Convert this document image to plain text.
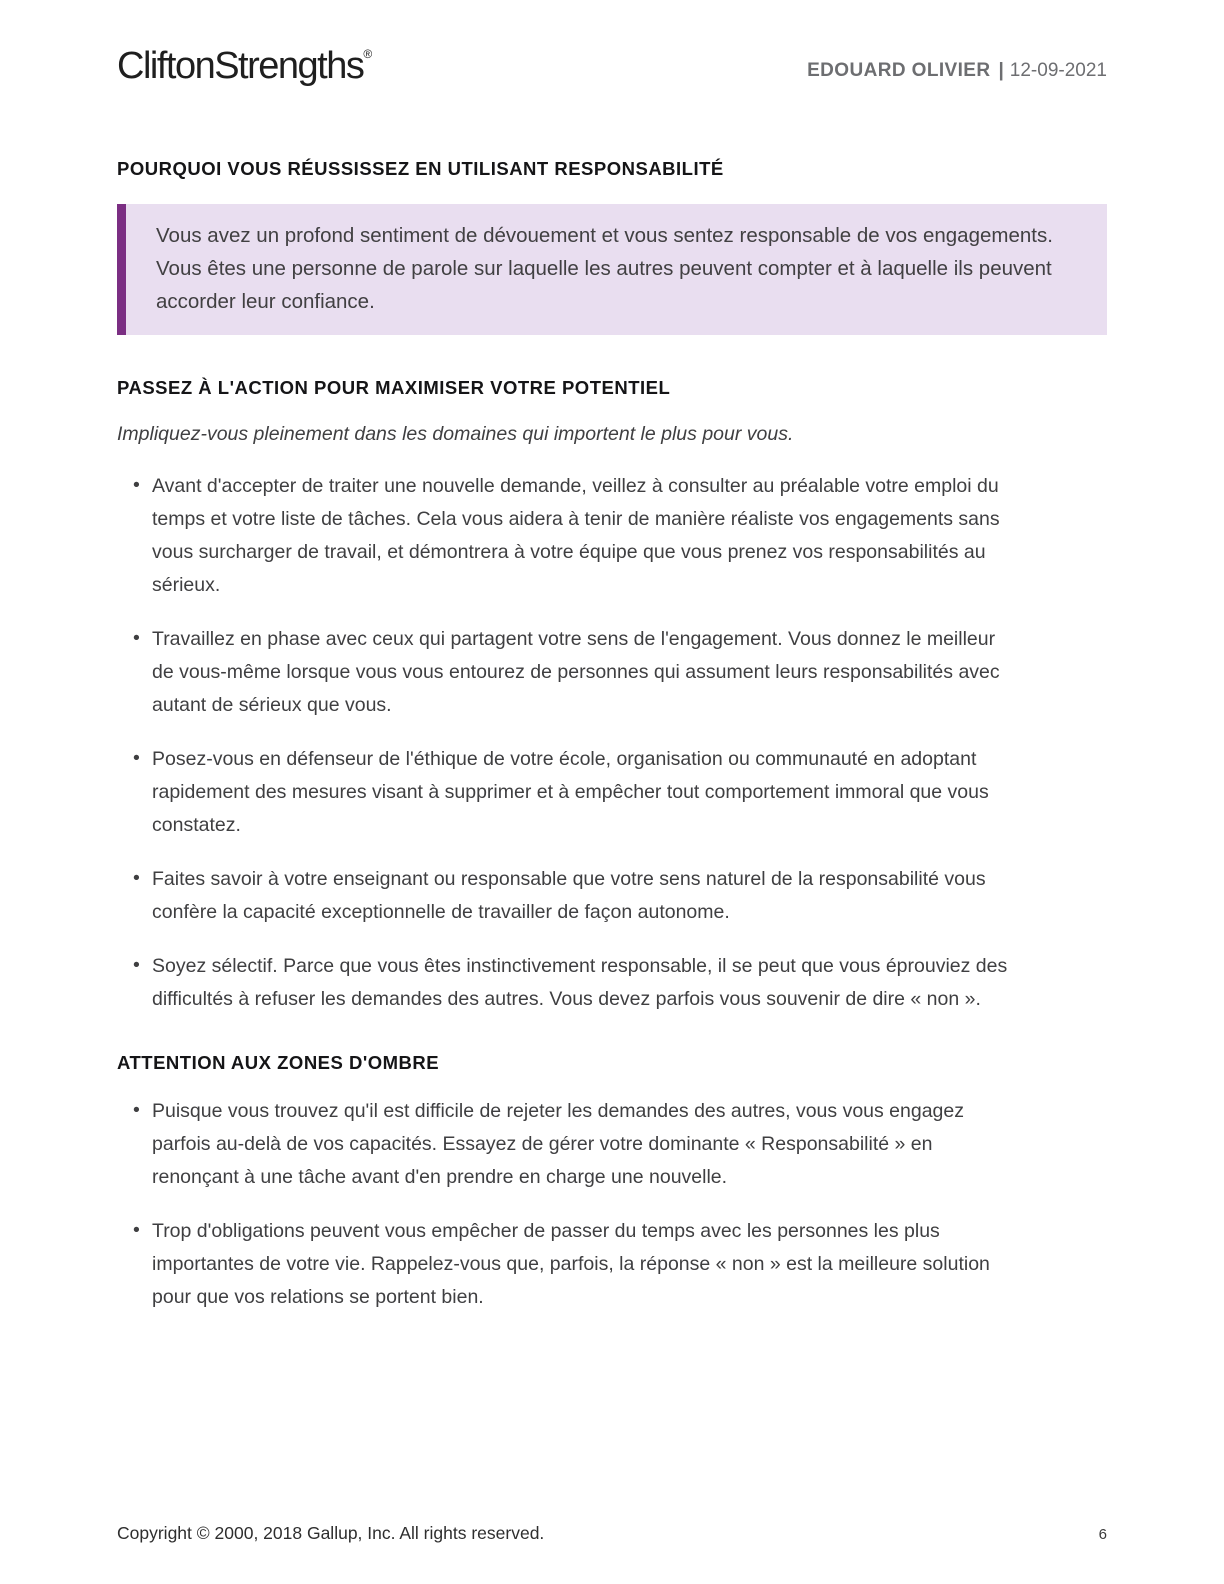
CliftonStrengths®
EDOUARD OLIVIER | 12-09-2021
POURQUOI VOUS RÉUSSISSEZ EN UTILISANT RESPONSABILITÉ

Vous avez un profond sentiment de dévouement et vous sentez responsable de vos engagements. Vous êtes une personne de parole sur laquelle les autres peuvent compter et à laquelle ils peuvent accorder leur confiance.

PASSEZ À L'ACTION POUR MAXIMISER VOTRE POTENTIEL

Impliquez-vous pleinement dans les domaines qui importent le plus pour vous.

• Avant d'accepter de traiter une nouvelle demande, veillez à consulter au préalable votre emploi du temps et votre liste de tâches. Cela vous aidera à tenir de manière réaliste vos engagements sans vous surcharger de travail, et démontrera à votre équipe que vous prenez vos responsabilités au sérieux.
• Travaillez en phase avec ceux qui partagent votre sens de l'engagement. Vous donnez le meilleur de vous-même lorsque vous vous entourez de personnes qui assument leurs responsabilités avec autant de sérieux que vous.
• Posez-vous en défenseur de l'éthique de votre école, organisation ou communauté en adoptant rapidement des mesures visant à supprimer et à empêcher tout comportement immoral que vous constatez.
• Faites savoir à votre enseignant ou responsable que votre sens naturel de la responsabilité vous confère la capacité exceptionnelle de travailler de façon autonome.
• Soyez sélectif. Parce que vous êtes instinctivement responsable, il se peut que vous éprouviez des difficultés à refuser les demandes des autres. Vous devez parfois vous souvenir de dire « non ».
ATTENTION AUX ZONES D'OMBRE
• Puisque vous trouvez qu'il est difficile de rejeter les demandes des autres, vous vous engagez parfois au-delà de vos capacités. Essayez de gérer votre dominante « Responsabilité » en renonçant à une tâche avant d'en prendre en charge une nouvelle.
• Trop d'obligations peuvent vous empêcher de passer du temps avec les personnes les plus importantes de votre vie. Rappelez-vous que, parfois, la réponse « non » est la meilleure solution pour que vos relations se portent bien.
Copyright © 2000, 2018 Gallup, Inc. All rights reserved.	6
